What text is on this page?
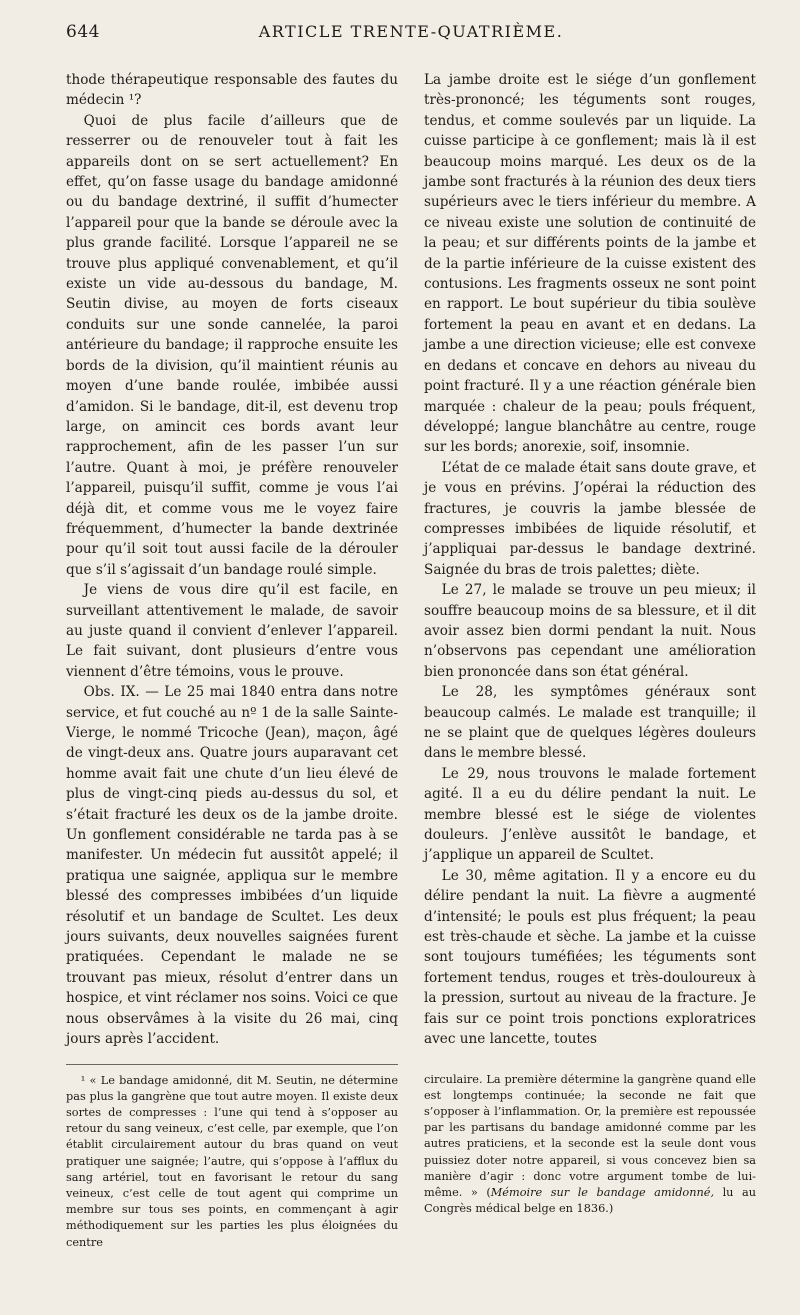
644	ARTICLE TRENTE-QUATRIÈME.

thode thérapeutique responsable des fautes du médecin ¹?

Quoi de plus facile d’ailleurs que de resserrer ou de renouveler tout à fait les appareils dont on se sert actuellement? En effet, qu’on fasse usage du bandage amidonné ou du bandage dextriné, il suffit d’humecter l’appareil pour que la bande se déroule avec la plus grande facilité. Lorsque l’appareil ne se trouve plus appliqué convenablement, et qu’il existe un vide au-dessous du bandage, M. Seutin divise, au moyen de forts ciseaux conduits sur une sonde cannelée, la paroi antérieure du bandage; il rapproche ensuite les bords de la division, qu’il maintient réunis au moyen d’une bande roulée, imbibée aussi d’amidon. Si le bandage, dit-il, est devenu trop large, on amincit ces bords avant leur rapprochement, afin de les passer l’un sur l’autre. Quant à moi, je préfère renouveler l’appareil, puisqu’il suffit, comme je vous l’ai déjà dit, et comme vous me le voyez faire fréquemment, d’humecter la bande dextrinée pour qu’il soit tout aussi facile de la dérouler que s’il s’agissait d’un bandage roulé simple.

Je viens de vous dire qu’il est facile, en surveillant attentivement le malade, de savoir au juste quand il convient d’enlever l’appareil. Le fait suivant, dont plusieurs d’entre vous viennent d’être témoins, vous le prouve.

Obs. IX. — Le 25 mai 1840 entra dans notre service, et fut couché au nº 1 de la salle Sainte-Vierge, le nommé Tricoche (Jean), maçon, âgé de vingt-deux ans. Quatre jours auparavant cet homme avait fait une chute d’un lieu élevé de plus de vingt-cinq pieds au-dessus du sol, et s’était fracturé les deux os de la jambe droite. Un gonflement considérable ne tarda pas à se manifester. Un médecin fut aussitôt appelé; il pratiqua une saignée, appliqua sur le membre blessé des compresses imbibées d’un liquide résolutif et un bandage de Scultet. Les deux jours suivants, deux nouvelles saignées furent pratiquées. Cependant le malade ne se trouvant pas mieux, résolut d’entrer dans un hospice, et vint réclamer nos soins. Voici ce que nous observâmes à la visite du 26 mai, cinq jours après l’accident.

¹ « Le bandage amidonné, dit M. Seutin, ne détermine pas plus la gangrène que tout autre moyen. Il existe deux sortes de compresses : l’une qui tend à s’opposer au retour du sang veineux, c’est celle, par exemple, que l’on établit circulairement autour du bras quand on veut pratiquer une saignée; l’autre, qui s’oppose à l’afflux du sang artériel, tout en favorisant le retour du sang veineux, c’est celle de tout agent qui comprime un membre sur tous ses points, en commençant à agir méthodiquement sur les parties les plus éloignées du centre

La jambe droite est le siége d’un gonflement très-prononcé; les téguments sont rouges, tendus, et comme soulevés par un liquide. La cuisse participe à ce gonflement; mais là il est beaucoup moins marqué. Les deux os de la jambe sont fracturés à la réunion des deux tiers supérieurs avec le tiers inférieur du membre. A ce niveau existe une solution de continuité de la peau; et sur différents points de la jambe et de la partie inférieure de la cuisse existent des contusions. Les fragments osseux ne sont point en rapport. Le bout supérieur du tibia soulève fortement la peau en avant et en dedans. La jambe a une direction vicieuse; elle est convexe en dedans et concave en dehors au niveau du point fracturé. Il y a une réaction générale bien marquée : chaleur de la peau; pouls fréquent, développé; langue blanchâtre au centre, rouge sur les bords; anorexie, soif, insomnie.

L’état de ce malade était sans doute grave, et je vous en prévins. J’opérai la réduction des fractures, je couvris la jambe blessée de compresses imbibées de liquide résolutif, et j’appliquai par-dessus le bandage dextriné. Saignée du bras de trois palettes; diète.

Le 27, le malade se trouve un peu mieux; il souffre beaucoup moins de sa blessure, et il dit avoir assez bien dormi pendant la nuit. Nous n’observons pas cependant une amélioration bien prononcée dans son état général.

Le 28, les symptômes généraux sont beaucoup calmés. Le malade est tranquille; il ne se plaint que de quelques légères douleurs dans le membre blessé.

Le 29, nous trouvons le malade fortement agité. Il a eu du délire pendant la nuit. Le membre blessé est le siége de violentes douleurs. J’enlève aussitôt le bandage, et j’applique un appareil de Scultet.

Le 30, même agitation. Il y a encore eu du délire pendant la nuit. La fièvre a augmenté d’intensité; le pouls est plus fréquent; la peau est très-chaude et sèche. La jambe et la cuisse sont toujours tuméfiées; les téguments sont fortement tendus, rouges et très-douloureux à la pression, surtout au niveau de la fracture. Je fais sur ce point trois ponctions exploratrices avec une lancette, toutes

circulaire. La première détermine la gangrène quand elle est longtemps continuée; la seconde ne fait que s’opposer à l’inflammation. Or, la première est repoussée par les partisans du bandage amidonné comme par les autres praticiens, et la seconde est la seule dont vous puissiez doter notre appareil, si vous concevez bien sa manière d’agir : donc votre argument tombe de lui-même. » (Mémoire sur le bandage amidonné, lu au Congrès médical belge en 1836.)
